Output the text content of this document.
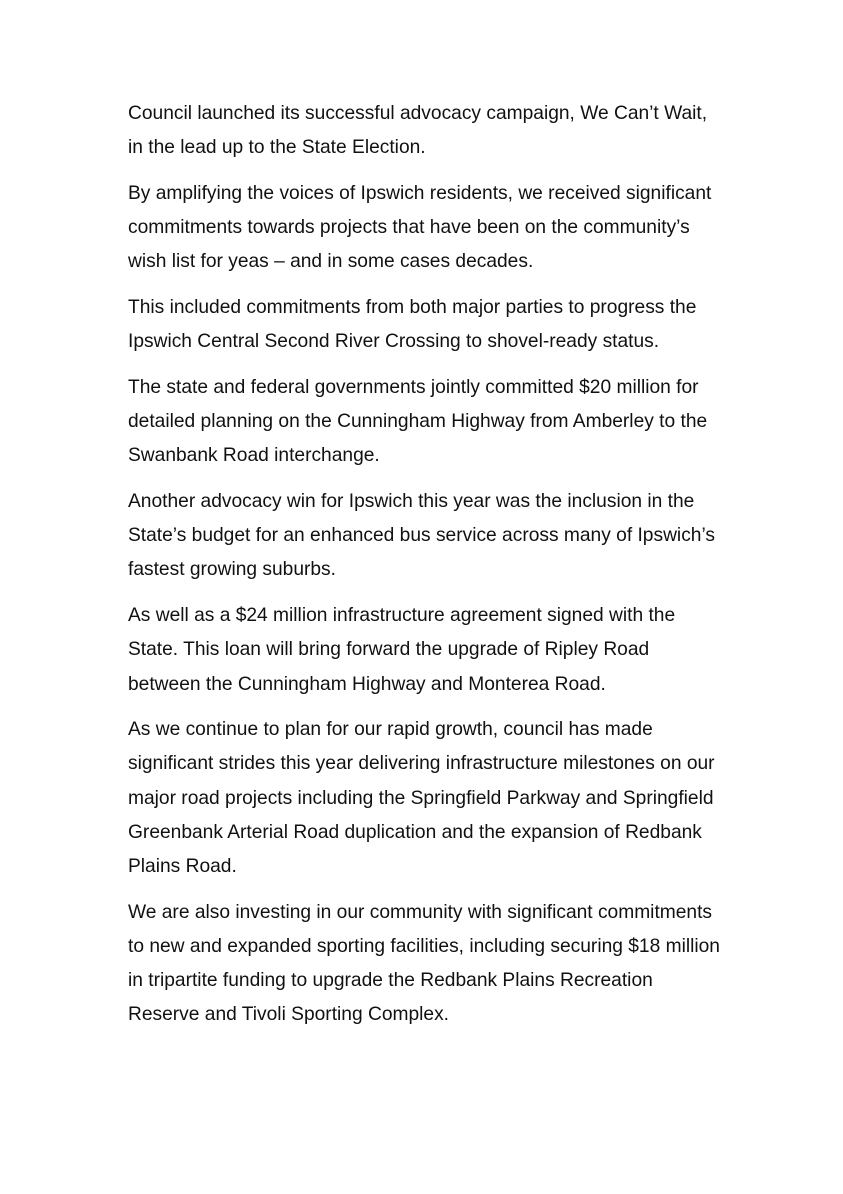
Council launched its successful advocacy campaign, We Can’t Wait,
in the lead up to the State Election.

By amplifying the voices of Ipswich residents, we received significant
commitments towards projects that have been on the community’s
wish list for yeas – and in some cases decades.

This included commitments from both major parties to progress the
Ipswich Central Second River Crossing to shovel-ready status.

The state and federal governments jointly committed $20 million for
detailed planning on the Cunningham Highway from Amberley to the
Swanbank Road interchange.

Another advocacy win for Ipswich this year was the inclusion in the
State’s budget for an enhanced bus service across many of Ipswich’s
fastest growing suburbs.

As well as a $24 million infrastructure agreement signed with the
State. This loan will bring forward the upgrade of Ripley Road
between the Cunningham Highway and Monterea Road.

As we continue to plan for our rapid growth, council has made
significant strides this year delivering infrastructure milestones on our
major road projects including the Springfield Parkway and Springfield
Greenbank Arterial Road duplication and the expansion of Redbank
Plains Road.

We are also investing in our community with significant commitments
to new and expanded sporting facilities, including securing $18 million
in tripartite funding to upgrade the Redbank Plains Recreation
Reserve and Tivoli Sporting Complex.
